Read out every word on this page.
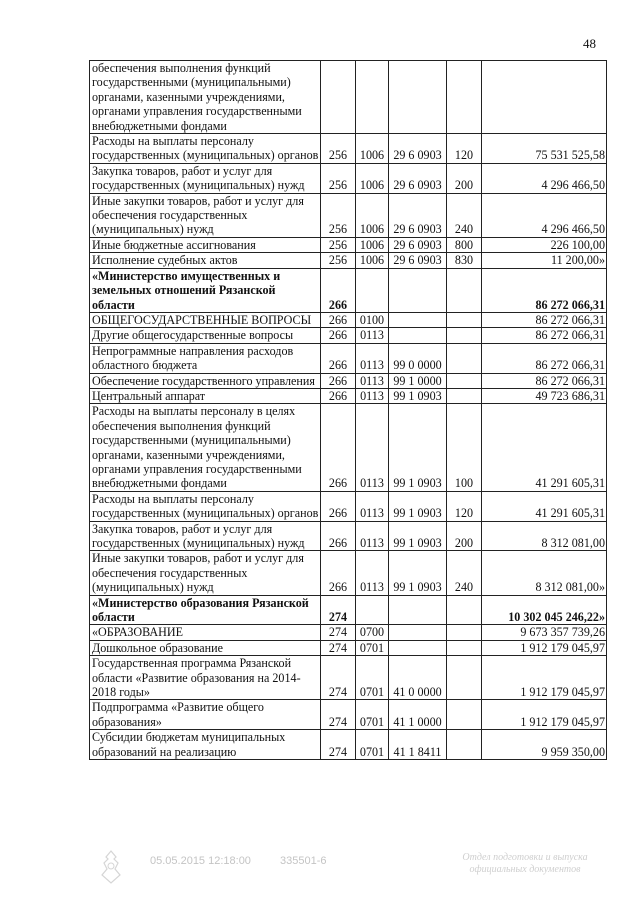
48
обеспечения выполнения функций государственными (муниципальными) органами, казенными учреждениями, органами управления государственными внебюджетными фондами					
Расходы на выплаты персоналу государственных (муниципальных) органов	256	1006	29 6 0903	120	75 531 525,58
Закупка товаров, работ и услуг для государственных (муниципальных) нужд	256	1006	29 6 0903	200	4 296 466,50
Иные закупки товаров, работ и услуг для обеспечения государственных (муниципальных) нужд	256	1006	29 6 0903	240	4 296 466,50
Иные бюджетные ассигнования	256	1006	29 6 0903	800	226 100,00
Исполнение судебных актов	256	1006	29 6 0903	830	11 200,00»
«Министерство имущественных и земельных отношений Рязанской области	266				86 272 066,31
ОБЩЕГОСУДАРСТВЕННЫЕ ВОПРОСЫ	266	0100			86 272 066,31
Другие общегосударственные вопросы	266	0113			86 272 066,31
Непрограммные направления расходов областного бюджета	266	0113	99 0 0000		86 272 066,31
Обеспечение государственного управления	266	0113	99 1 0000		86 272 066,31
Центральный аппарат	266	0113	99 1 0903		49 723 686,31
Расходы на выплаты персоналу в целях обеспечения выполнения функций государственными (муниципальными) органами, казенными учреждениями, органами управления государственными внебюджетными фондами	266	0113	99 1 0903	100	41 291 605,31
Расходы на выплаты персоналу государственных (муниципальных) органов	266	0113	99 1 0903	120	41 291 605,31
Закупка товаров, работ и услуг для государственных (муниципальных) нужд	266	0113	99 1 0903	200	8 312 081,00
Иные закупки товаров, работ и услуг для обеспечения государственных (муниципальных) нужд	266	0113	99 1 0903	240	8 312 081,00»
«Министерство образования Рязанской области	274				10 302 045 246,22»
«ОБРАЗОВАНИЕ	274	0700			9 673 357 739,26
Дошкольное образование	274	0701			1 912 179 045,97
Государственная программа Рязанской области «Развитие образования на 2014-2018 годы»	274	0701	41 0 0000		1 912 179 045,97
Подпрограмма «Развитие общего образования»	274	0701	41 1 0000		1 912 179 045,97
Субсидии бюджетам муниципальных образований на реализацию	274	0701	41 1 8411		9 959 350,00
05.05.2015 12:18:00	335501-6	Отдел подготовки и выпуска официальных документов
